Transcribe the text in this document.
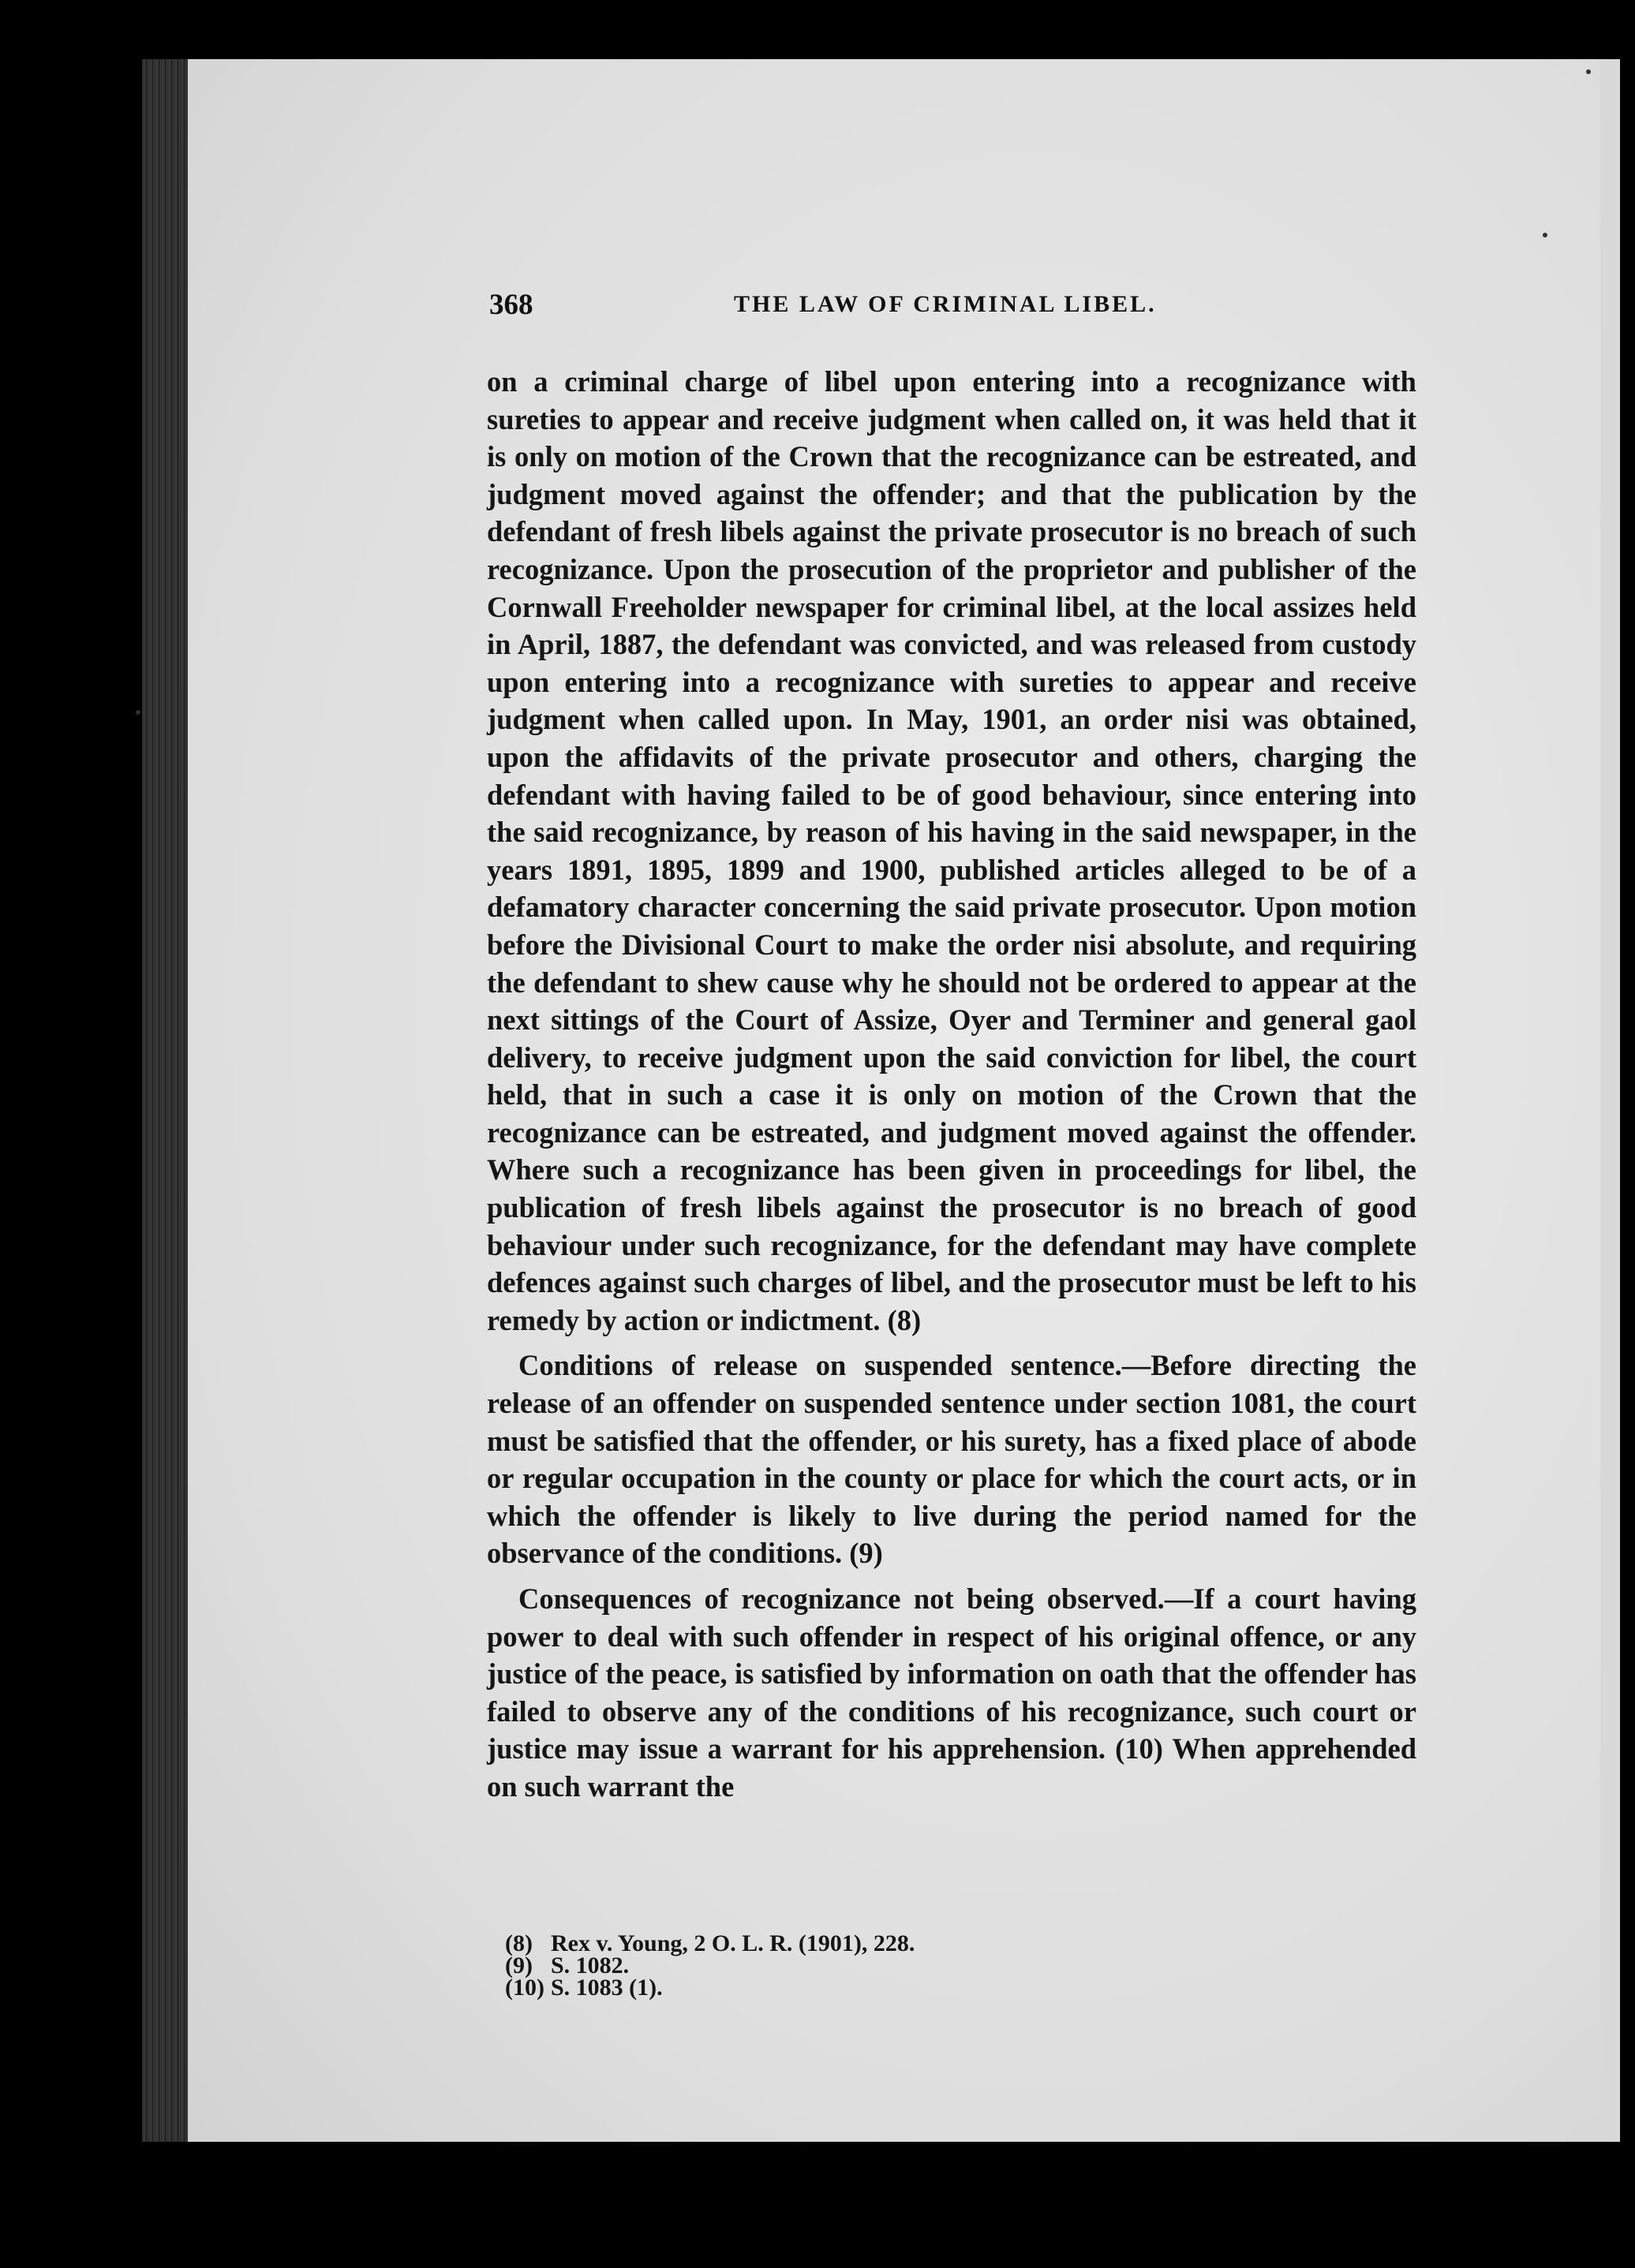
368	THE LAW OF CRIMINAL LIBEL.

on a criminal charge of libel upon entering into a recognizance with sureties to appear and receive judgment when called on, it was held that it is only on motion of the Crown that the recognizance can be estreated, and judgment moved against the offender; and that the publication by the defendant of fresh libels against the private prosecutor is no breach of such recognizance. Upon the prosecution of the proprietor and publisher of the Cornwall Freeholder newspaper for criminal libel, at the local assizes held in April, 1887, the defendant was convicted, and was released from custody upon entering into a recognizance with sureties to appear and receive judgment when called upon. In May, 1901, an order nisi was obtained, upon the affidavits of the private prosecutor and others, charging the defendant with having failed to be of good behaviour, since entering into the said recognizance, by reason of his having in the said newspaper, in the years 1891, 1895, 1899 and 1900, published articles alleged to be of a defamatory character concerning the said private prosecutor. Upon motion before the Divisional Court to make the order nisi absolute, and requiring the defendant to shew cause why he should not be ordered to appear at the next sittings of the Court of Assize, Oyer and Terminer and general gaol delivery, to receive judgment upon the said conviction for libel, the court held, that in such a case it is only on motion of the Crown that the recognizance can be estreated, and judgment moved against the offender. Where such a recognizance has been given in proceedings for libel, the publication of fresh libels against the prosecutor is no breach of good behaviour under such recognizance, for the defendant may have complete defences against such charges of libel, and the prosecutor must be left to his remedy by action or indictment. (8)

Conditions of release on suspended sentence.—Before directing the release of an offender on suspended sentence under section 1081, the court must be satisfied that the offender, or his surety, has a fixed place of abode or regular occupation in the county or place for which the court acts, or in which the offender is likely to live during the period named for the observance of the conditions. (9)

Consequences of recognizance not being observed.—If a court having power to deal with such offender in respect of his original offence, or any justice of the peace, is satisfied by information on oath that the offender has failed to observe any of the conditions of his recognizance, such court or justice may issue a warrant for his apprehension. (10) When apprehended on such warrant the

(8) Rex v. Young, 2 O. L. R. (1901), 228.
(9) S. 1082.
(10) S. 1083 (1).
